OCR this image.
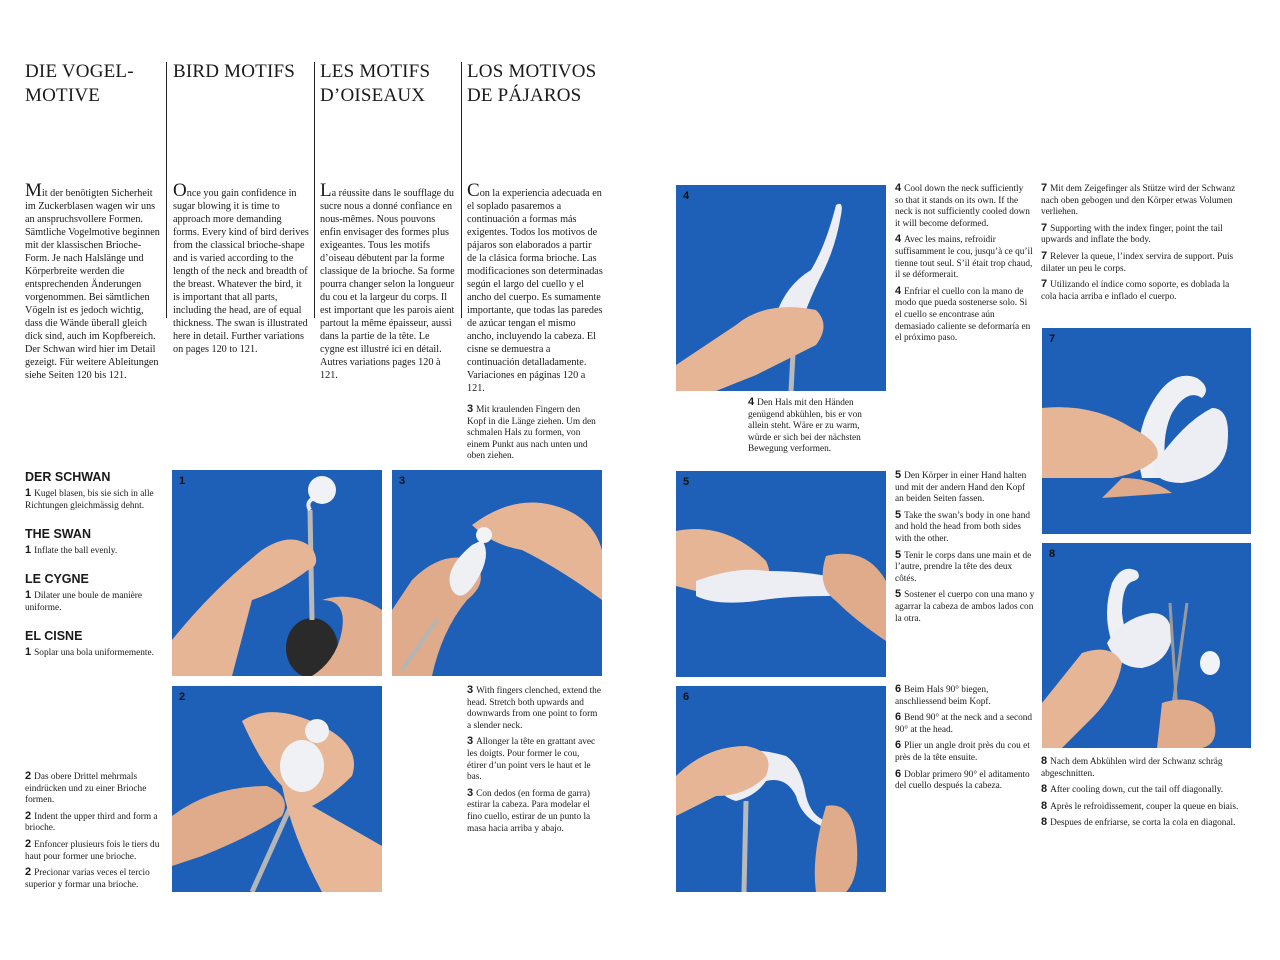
DIE VOGEL-
MOTIVE
BIRD MOTIFS	LES MOTIFS
D’OISEAUX
LOS MOTIVOS
DE PÁJAROS
Mit der benötigten Sicherheit im Zuckerblasen wagen wir uns an anspruchsvollere Formen. Sämtliche Vogelmotive beginnen mit der klassischen Brioche-Form. Je nach Halslänge und Körperbreite werden die entsprechenden Änderungen vorgenommen. Bei sämtlichen Vögeln ist es jedoch wichtig, dass die Wände überall gleich dick sind, auch im Kopfbereich. Der Schwan wird hier im Detail gezeigt. Für weitere Ableitungen siehe Seiten 120 bis 121.
Once you gain confidence in sugar blowing it is time to approach more demanding forms. Every kind of bird derives from the classical brioche-shape and is varied according to the length of the neck and breadth of the breast. Whatever the bird, it is important that all parts, including the head, are of equal thickness. The swan is illustrated here in detail. Further variations on pages 120 to 121.
La réussite dans le soufflage du sucre nous a donné confiance en nous-mêmes. Nous pouvons enfin envisager des formes plus exigeantes. Tous les motifs d’oiseau débutent par la forme classique de la brioche. Sa forme pourra changer selon la longueur du cou et la largeur du corps. Il est important que les parois aient partout la même épaisseur, aussi dans la partie de la tête. Le cygne est illustré ici en détail. Autres variations pages 120 à 121.
Con la experiencia adecuada en el soplado pasaremos a continuación a formas más exigentes. Todos los motivos de pájaros son elaborados a partir de la clásica forma brioche. Las modificaciones son determinadas según el largo del cuello y el ancho del cuerpo. Es sumamente importante, que todas las paredes de azúcar tengan el mismo ancho, incluyendo la cabeza. El cisne se demuestra a continuación detalladamente. Variaciones en páginas 120 a 121.
DER SCHWAN
1 Kugel blasen, bis sie sich in alle Richtungen gleichmässig dehnt.
THE SWAN
1 Inflate the ball evenly.
LE CYGNE
1 Dilater une boule de manière uniforme.
EL CISNE
1 Soplar una bola uniformemente.
2 Das obere Drittel mehrmals eindrücken und zu einer Brioche formen.
2 Indent the upper third and form a brioche.
2 Enfoncer plusieurs fois le tiers du haut pour former une brioche.
2 Precionar varias veces el tercio superior y formar una brioche.
3 Mit kraulenden Fingern den Kopf in die Länge ziehen. Um den schmalen Hals zu formen, von einem Punkt aus nach unten und oben ziehen.
3 With fingers clenched, extend the head. Stretch both upwards and downwards from one point to form a slender neck.
3 Allonger la tête en grattant avec les doigts. Pour former le cou, étirer d’un point vers le haut et le bas.
3 Con dedos (en forma de garra) estirar la cabeza. Para modelar el fino cuello, estirar de un punto la masa hacia arriba y abajo.
1
2
3
4
4 Den Hals mit den Händen genügend abkühlen, bis er von allein steht. Wäre er zu warm, würde er sich bei der nächsten Bewegung verformen.
4 Cool down the neck sufficiently so that it stands on its own. If the neck is not sufficiently cooled down it will become deformed.
4 Avec les mains, refroidir suffisamment le cou, jusqu’à ce qu’il tienne tout seul. S’il était trop chaud, il se déformerait.
4 Enfriar el cuello con la mano de modo que pueda sostenerse solo. Si el cuello se encontrase aún demasiado caliente se deformaría en el próximo paso.
5
5 Den Körper in einer Hand halten und mit der andern Hand den Kopf an beiden Seiten fassen.
5 Take the swan’s body in one hand and hold the head from both sides with the other.
5 Tenir le corps dans une main et de l’autre, prendre la tête des deux côtés.
5 Sostener el cuerpo con una mano y agarrar la cabeza de ambos lados con la otra.
6
6 Beim Hals 90° biegen, anschliessend beim Kopf.
6 Bend 90° at the neck and a second 90° at the head.
6 Plier un angle droit près du cou et près de la tête ensuite.
6 Doblar primero 90° el aditamento del cuello después la cabeza.
7 Mit dem Zeigefinger als Stütze wird der Schwanz nach oben gebogen und den Körper etwas Volumen verliehen.
7 Supporting with the index finger, point the tail upwards and inflate the body.
7 Relever la queue, l’index servira de support. Puis dilater un peu le corps.
7 Utilizando el índice como soporte, es doblada la cola hacia arriba e inflado el cuerpo.
7
8
8 Nach dem Abkühlen wird der Schwanz schräg abgeschnitten.
8 After cooling down, cut the tail off diagonally.
8 Après le refroidissement, couper la queue en biais.
8 Despues de enfriarse, se corta la cola en diagonal.
